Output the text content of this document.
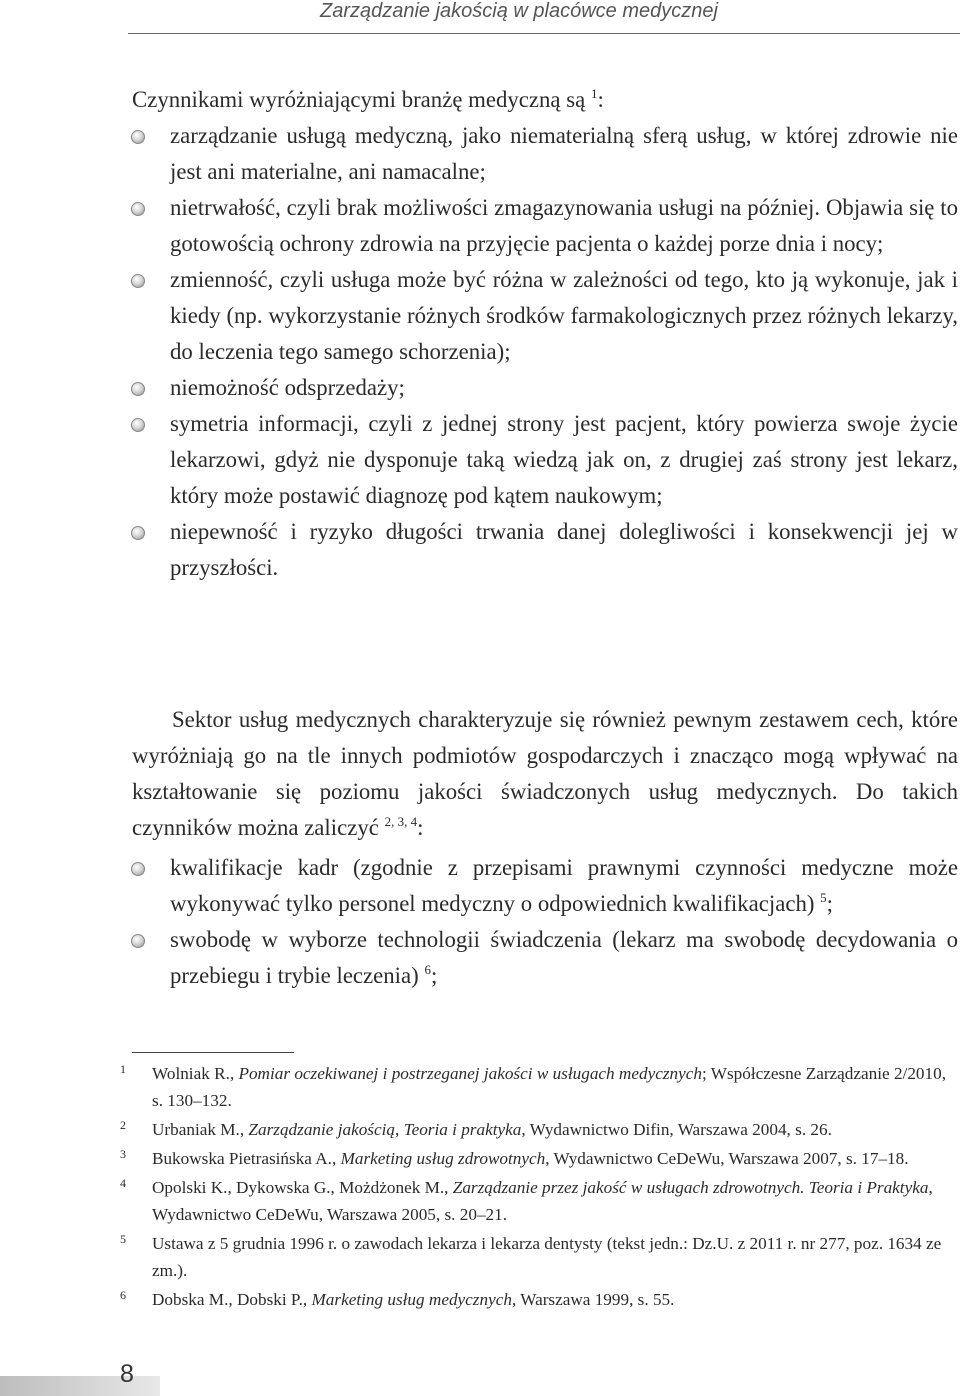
Zarządzanie jakością w placówce medycznej
Czynnikami wyróżniającymi branżę medyczną są $^1$:
zarządzanie usługą medyczną, jako niematerialną sferą usług, w której zdrowie nie jest ani materialne, ani namacalne;
nietrwałość, czyli brak możliwości zmagazynowania usługi na później. Objawia się to gotowością ochrony zdrowia na przyjęcie pacjenta o każdej porze dnia i nocy;
zmienność, czyli usługa może być różna w zależności od tego, kto ją wykonuje, jak i kiedy (np. wykorzystanie różnych środków farmakologicznych przez różnych lekarzy, do leczenia tego samego schorzenia);
niemożność odsprzedaży;
symetria informacji, czyli z jednej strony jest pacjent, który powierza swoje życie lekarzowi, gdyż nie dysponuje taką wiedzą jak on, z drugiej zaś strony jest lekarz, który może postawić diagnozę pod kątem naukowym;
niepewność i ryzyko długości trwania danej dolegliwości i konsekwencji jej w przyszłości.
Sektor usług medycznych charakteryzuje się również pewnym zestawem cech, które wyróżniają go na tle innych podmiotów gospodarczych i znacząco mogą wpływać na kształtowanie się poziomu jakości świadczonych usług medycznych. Do takich czynników można zaliczyć $^{2, 3, 4}$:
kwalifikacje kadr (zgodnie z przepisami prawnymi czynności medyczne może wykonywać tylko personel medyczny o odpowiednich kwalifikacjach) $^5$;
swobodę w wyborze technologii świadczenia (lekarz ma swobodę decydowania o przebiegu i trybie leczenia) $^6$;
1 Wolniak R., Pomiar oczekiwanej i postrzeganej jakości w usługach medycznych; Współczesne Zarządzanie 2/2010, s. 130–132.
2 Urbaniak M., Zarządzanie jakością, Teoria i praktyka, Wydawnictwo Difin, Warszawa 2004, s. 26.
3 Bukowska Pietrasińska A., Marketing usług zdrowotnych, Wydawnictwo CeDeWu, Warszawa 2007, s. 17–18.
4 Opolski K., Dykowska G., Możdżonek M., Zarządzanie przez jakość w usługach zdrowotnych. Teoria i Praktyka, Wydawnictwo CeDeWu, Warszawa 2005, s. 20–21.
5 Ustawa z 5 grudnia 1996 r. o zawodach lekarza i lekarza dentysty (tekst jedn.: Dz.U. z 2011 r. nr 277, poz. 1634 ze zm.).
6 Dobska M., Dobski P., Marketing usług medycznych, Warszawa 1999, s. 55.
8
